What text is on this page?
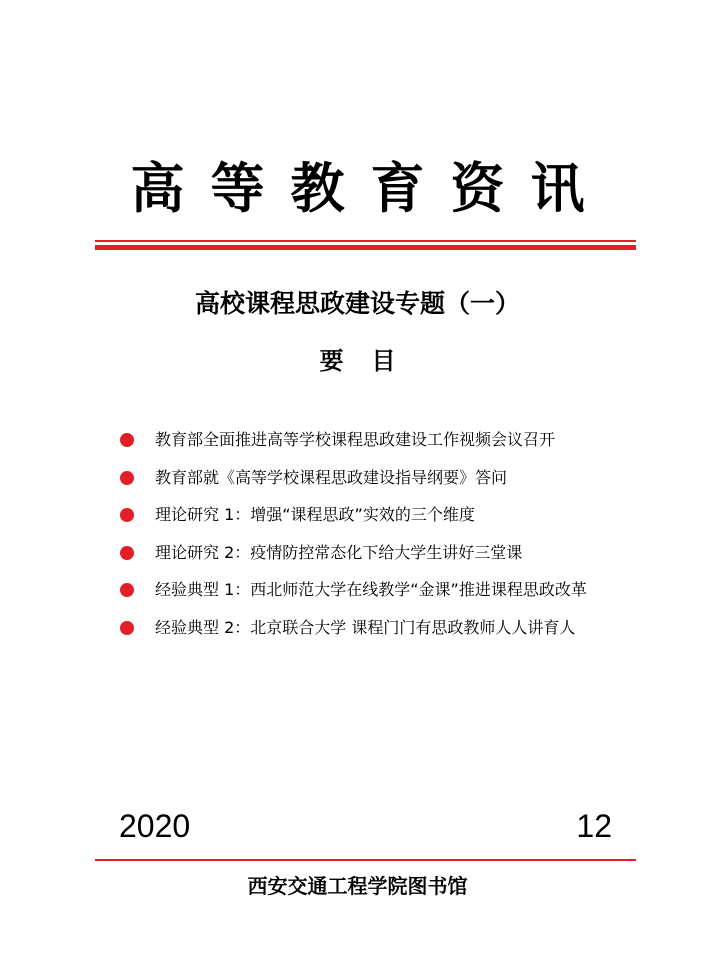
高等教育资讯
高校课程思政建设专题（一）
要目
教育部全面推进高等学校课程思政建设工作视频会议召开
教育部就《高等学校课程思政建设指导纲要》答问
理论研究 1：增强“课程思政”实效的三个维度
理论研究 2：疫情防控常态化下给大学生讲好三堂课
经验典型 1：西北师范大学在线教学“金课”推进课程思政改革
经验典型 2：北京联合大学 课程门门有思政教师人人讲育人
2020	12
西安交通工程学院图书馆
